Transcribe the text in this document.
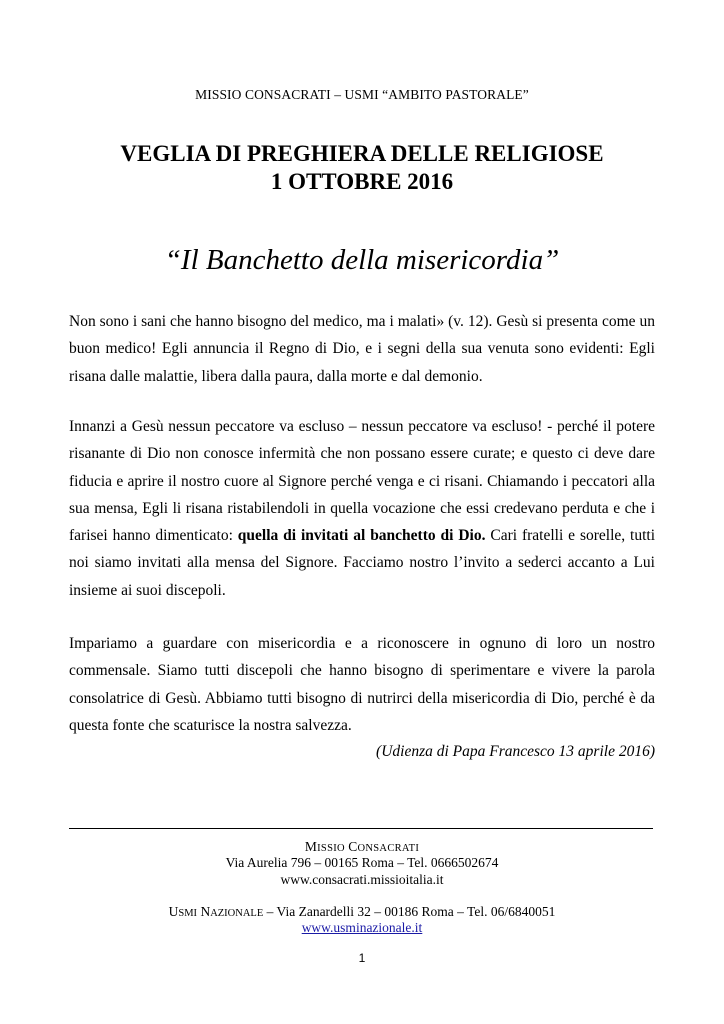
MISSIO CONSACRATI – USMI “AMBITO PASTORALE”
VEGLIA DI PREGHIERA DELLE RELIGIOSE
1 OTTOBRE 2016
“Il Banchetto della misericordia”
Non sono i sani che hanno bisogno del medico, ma i malati» (v. 12). Gesù si presenta come un buon medico! Egli annuncia il Regno di Dio, e i segni della sua venuta sono evidenti: Egli risana dalle malattie, libera dalla paura, dalla morte e dal demonio.
Innanzi a Gesù nessun peccatore va escluso – nessun peccatore va escluso! - perché il potere risanante di Dio non conosce infermità che non possano essere curate; e questo ci deve dare fiducia e aprire il nostro cuore al Signore perché venga e ci risani. Chiamando i peccatori alla sua mensa, Egli li risana ristabilendoli in quella vocazione che essi credevano perduta e che i farisei hanno dimenticato: quella di invitati al banchetto di Dio. Cari fratelli e sorelle, tutti noi siamo invitati alla mensa del Signore. Facciamo nostro l’invito a sederci accanto a Lui insieme ai suoi discepoli.
Impariamo a guardare con misericordia e a riconoscere in ognuno di loro un nostro commensale. Siamo tutti discepoli che hanno bisogno di sperimentare e vivere la parola consolatrice di Gesù. Abbiamo tutti bisogno di nutrirci della misericordia di Dio, perché è da questa fonte che scaturisce la nostra salvezza.
(Udienza di Papa Francesco 13 aprile 2016)
MISSIO CONSACRATI
Via Aurelia 796 – 00165 Roma – Tel. 0666502674
www.consacrati.missioitalia.it
USMI NAZIONALE – Via Zanardelli 32 – 00186 Roma – Tel. 06/6840051
www.usminazionale.it
1
